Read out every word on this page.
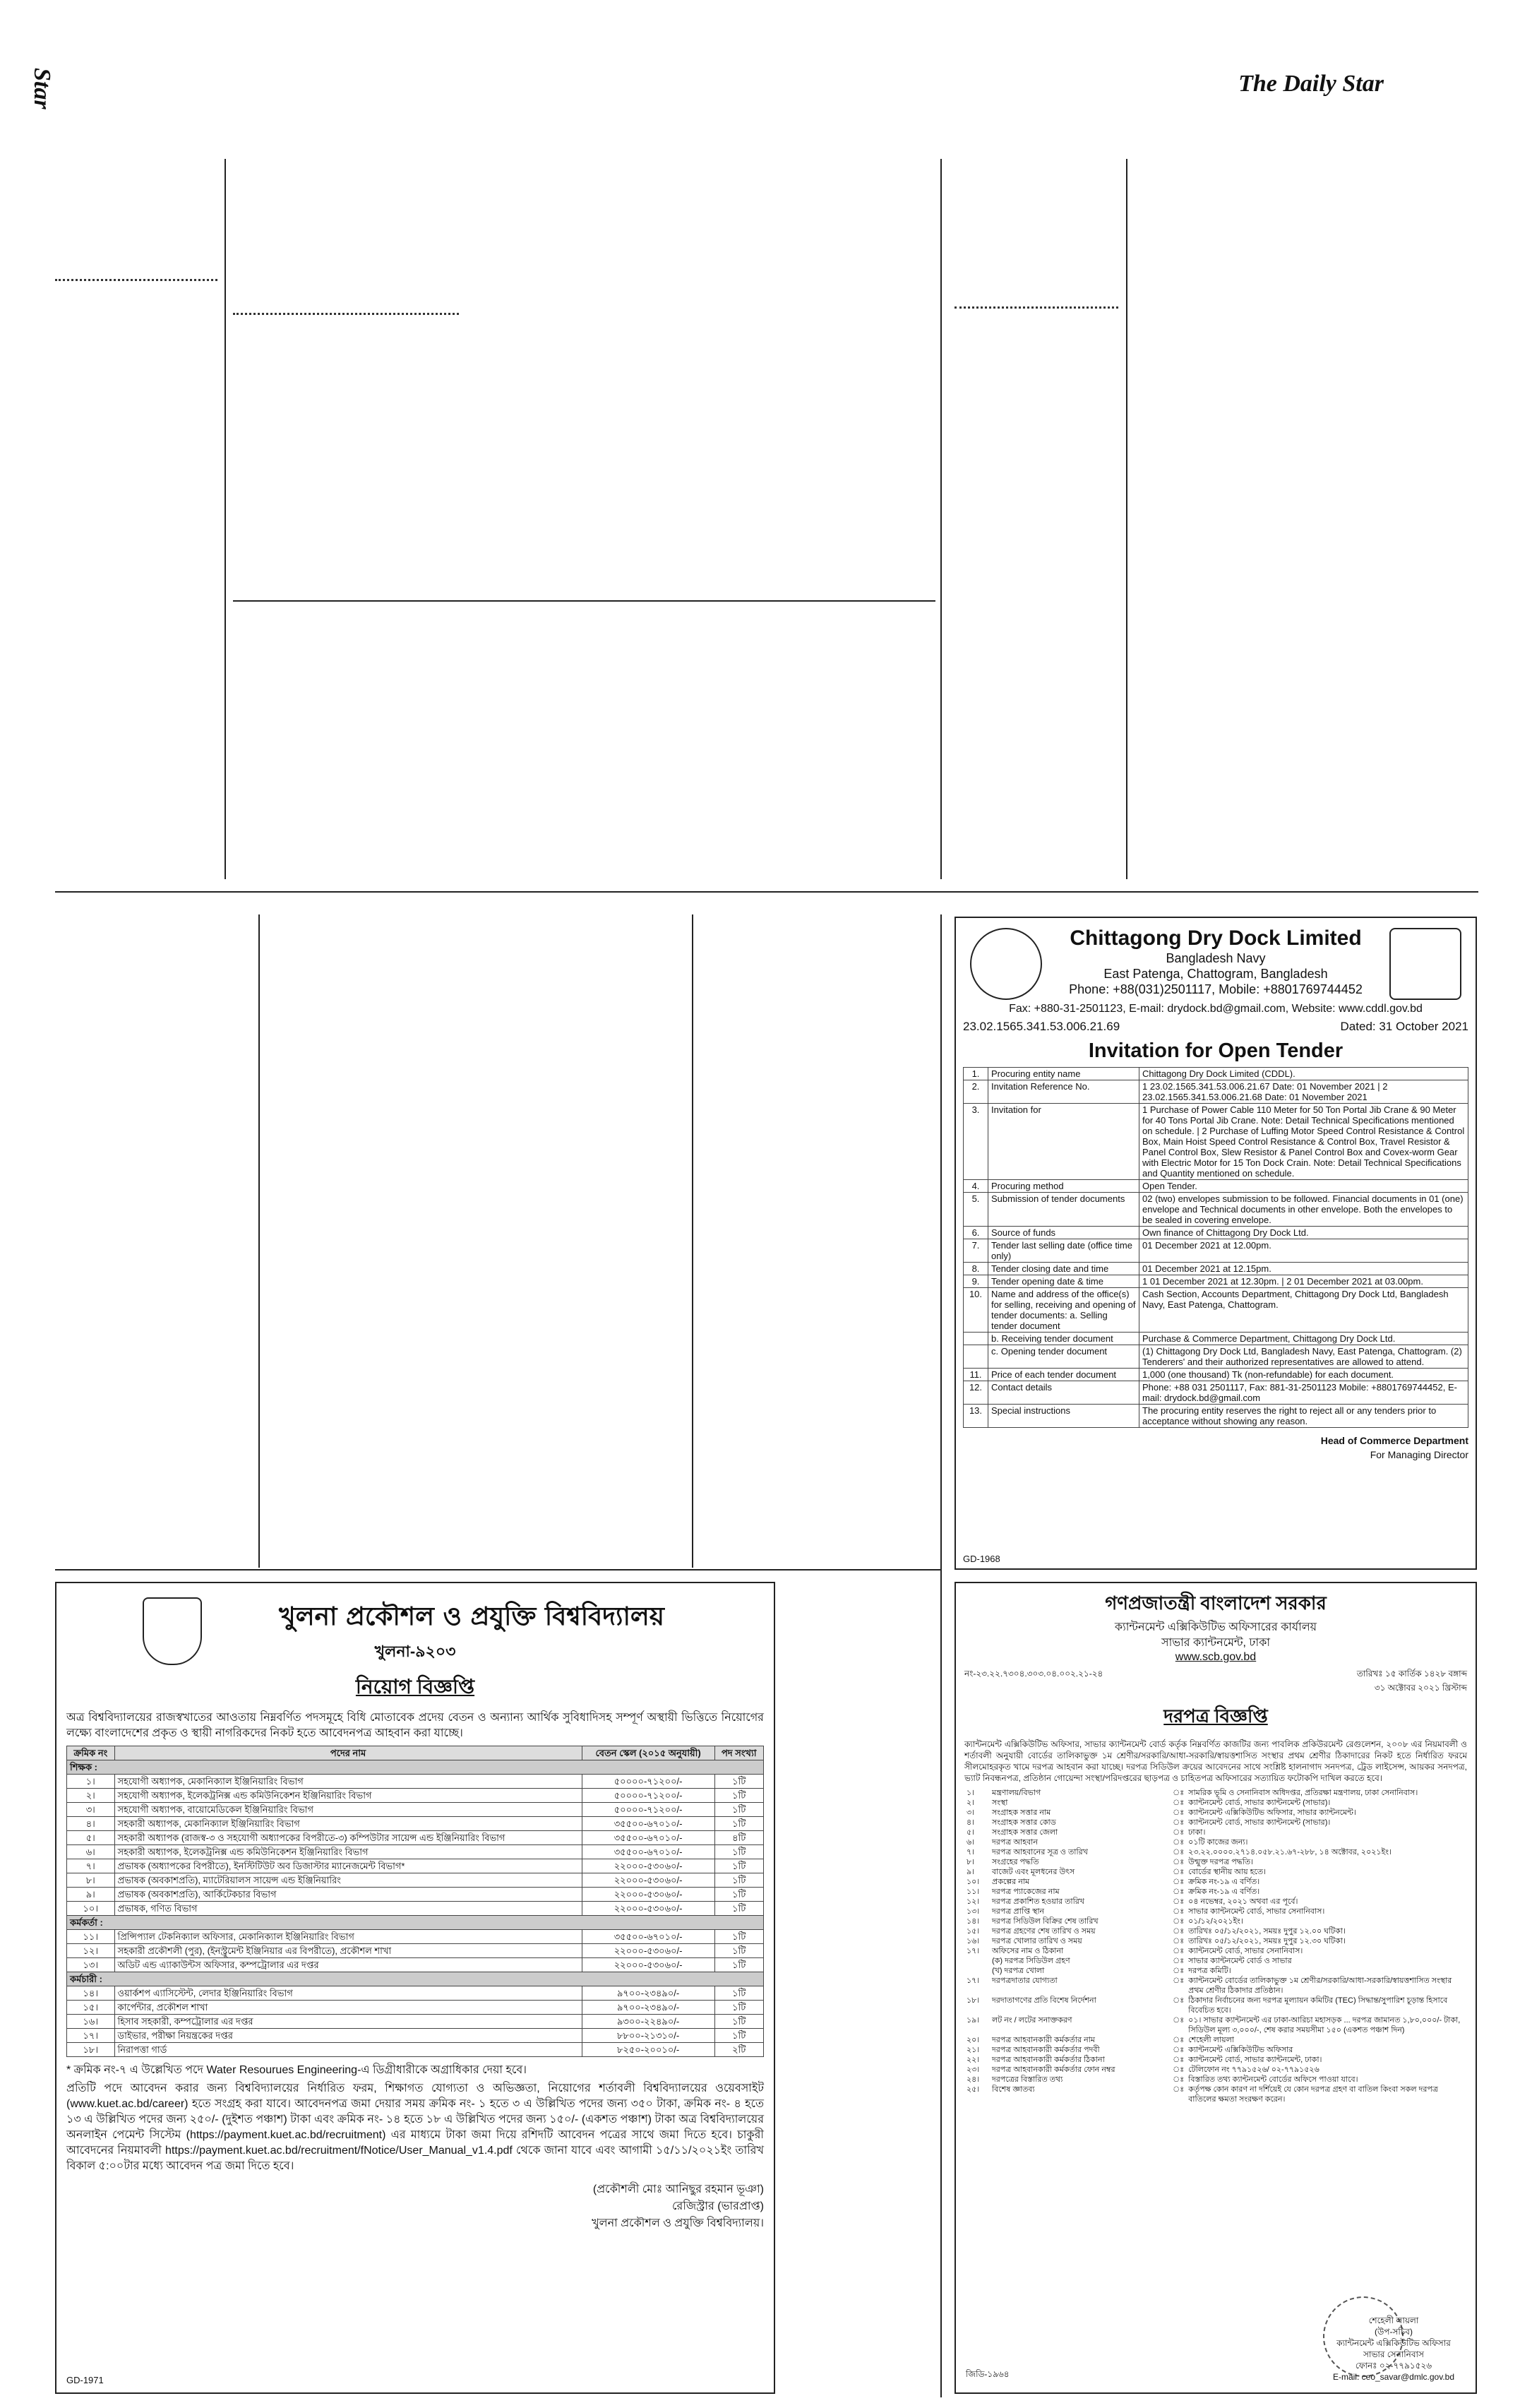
Star	The Daily Star
Chittagong Dry Dock Limited
Bangladesh Navy
East Patenga, Chattogram, Bangladesh
Phone: +88(031)2501117, Mobile: +8801769744452
Fax: +880-31-2501123, E-mail: drydock.bd@gmail.com, Website: www.cddl.gov.bd
23.02.1565.341.53.006.21.69	Dated: 31 October 2021
Invitation for Open Tender
1.	Procuring entity name	Chittagong Dry Dock Limited (CDDL).
2.	Invitation Reference No.	1 23.02.1565.341.53.006.21.67 Date: 01 November 2021 | 2 23.02.1565.341.53.006.21.68 Date: 01 November 2021
3.	Invitation for	1 Purchase of Power Cable 110 Meter for 50 Ton Portal Jib Crane & 90 Meter for 40 Tons Portal Jib Crane. Note: Detail Technical Specifications mentioned on schedule. | 2 Purchase of Luffing Motor Speed Control Resistance & Control Box, Main Hoist Speed Control Resistance & Control Box, Travel Resistor & Panel Control Box, Slew Resistor & Panel Control Box and Covex-worm Gear with Electric Motor for 15 Ton Dock Crain. Note: Detail Technical Specifications and Quantity mentioned on schedule.
4.	Procuring method	Open Tender.
5.	Submission of tender documents	02 (two) envelopes submission to be followed. Financial documents in 01 (one) envelope and Technical documents in other envelope. Both the envelopes to be sealed in covering envelope.
6.	Source of funds	Own finance of Chittagong Dry Dock Ltd.
7.	Tender last selling date (office time only)	01 December 2021 at 12.00pm.
8.	Tender closing date and time	01 December 2021 at 12.15pm.
9.	Tender opening date & time	1 01 December 2021 at 12.30pm. | 2 01 December 2021 at 03.00pm.
10.	Name and address of the office(s) for selling, receiving and opening of tender documents: a. Selling tender document	Cash Section, Accounts Department, Chittagong Dry Dock Ltd, Bangladesh Navy, East Patenga, Chattogram.
	b. Receiving tender document	Purchase & Commerce Department, Chittagong Dry Dock Ltd.
	c. Opening tender document	(1) Chittagong Dry Dock Ltd, Bangladesh Navy, East Patenga, Chattogram. (2) Tenderers' and their authorized representatives are allowed to attend.
11.	Price of each tender document	1,000 (one thousand) Tk (non-refundable) for each document.
12.	Contact details	Phone: +88 031 2501117, Fax: 881-31-2501123 Mobile: +8801769744452, E-mail: drydock.bd@gmail.com
13.	Special instructions	The procuring entity reserves the right to reject all or any tenders prior to acceptance without showing any reason.
Head of Commerce Department
For Managing Director
GD-1968
খুলনা প্রকৌশল ও প্রযুক্তি বিশ্ববিদ্যালয়
খুলনা-৯২০৩
নিয়োগ বিজ্ঞপ্তি

অত্র বিশ্ববিদ্যালয়ের রাজস্বখাতের আওতায় নিম্নবর্ণিত পদসমূহে বিধি মোতাবেক প্রদেয় বেতন ও অন্যান্য আর্থিক সুবিধাদিসহ সম্পূর্ণ অস্থায়ী ভিত্তিতে নিয়োগের লক্ষ্যে বাংলাদেশের প্রকৃত ও স্থায়ী নাগরিকদের নিকট হতে আবেদনপত্র আহবান করা যাচ্ছে।

ক্রমিক নং	পদের নাম	বেতন স্কেল (২০১৫ অনুযায়ী)	পদ সংখ্যা
শিক্ষক :			
১।	সহযোগী অধ্যাপক, মেকানিক্যাল ইঞ্জিনিয়ারিং বিভাগ	৫০০০০-৭১২০০/-	১টি
২।	সহযোগী অধ্যাপক, ইলেকট্রনিক্স এন্ড কমিউনিকেশন ইঞ্জিনিয়ারিং বিভাগ	৫০০০০-৭১২০০/-	১টি
৩।	সহযোগী অধ্যাপক, বায়োমেডিকেল ইঞ্জিনিয়ারিং বিভাগ	৫০০০০-৭১২০০/-	১টি
৪।	সহকারী অধ্যাপক, মেকানিক্যাল ইঞ্জিনিয়ারিং বিভাগ	৩৫৫০০-৬৭০১০/-	১টি
৫।	সহকারী অধ্যাপক (রাজস্ব-৩ ও সহযোগী অধ্যাপকের বিপরীতে-৩) কম্পিউটার সায়েন্স এন্ড ইঞ্জিনিয়ারিং বিভাগ	৩৫৫০০-৬৭০১০/-	৪টি
৬।	সহকারী অধ্যাপক, ইলেকট্রনিক্স এন্ড কমিউনিকেশন ইঞ্জিনিয়ারিং বিভাগ	৩৫৫০০-৬৭০১০/-	১টি
৭।	প্রভাষক (অধ্যাপকের বিপরীতে), ইনস্টিটিউট অব ডিজাস্টার ম্যানেজমেন্ট বিভাগ*	২২০০০-৫৩০৬০/-	১টি
৮।	প্রভাষক (অবকাশপ্রতি), ম্যাটেরিয়ালস সায়েন্স এন্ড ইঞ্জিনিয়ারিং	২২০০০-৫৩০৬০/-	১টি
৯।	প্রভাষক (অবকাশপ্রতি), আর্কিটেকচার বিভাগ	২২০০০-৫৩০৬০/-	১টি
১০।	প্রভাষক, গণিত বিভাগ	২২০০০-৫৩০৬০/-	১টি
কর্মকর্তা :			
১১।	প্রিন্সিপ্যাল টেকনিক্যাল অফিসার, মেকানিক্যাল ইঞ্জিনিয়ারিং বিভাগ	৩৫৫০০-৬৭০১০/-	১টি
১২।	সহকারী প্রকৌশলী (পুর), (ইনস্ট্রুমেন্ট ইঞ্জিনিয়ার এর বিপরীতে), প্রকৌশল শাখা	২২০০০-৫৩০৬০/-	১টি
১৩।	অডিট এন্ড এ্যাকাউন্টস অফিসার, কম্পট্রোলার এর দপ্তর	২২০০০-৫৩০৬০/-	১টি
কর্মচারী :			
১৪।	ওয়ার্কশপ এ্যাসিস্টেন্ট, লেদার ইঞ্জিনিয়ারিং বিভাগ	৯৭০০-২৩৪৯০/-	১টি
১৫।	কার্পেন্টার, প্রকৌশল শাখা	৯৭০০-২৩৪৯০/-	১টি
১৬।	হিসাব সহকারী, কম্পট্রোলার এর দপ্তর	৯৩০০-২২৪৯০/-	১টি
১৭।	ডাইভার, পরীক্ষা নিয়ন্ত্রকের দপ্তর	৮৮০০-২১৩১০/-	১টি
১৮।	নিরাপত্তা গার্ড	৮২৫০-২০০১০/-	২টি

* ক্রমিক নং-৭ এ উল্লেখিত পদে Water Resourues Engineering-এ ডিগ্রীধারীকে অগ্রাধিকার দেয়া হবে।

প্রতিটি পদে আবেদন করার জন্য বিশ্ববিদ্যালয়ের নির্ধারিত ফরম, শিক্ষাগত যোগ্যতা ও অভিজ্ঞতা, নিয়োগের শর্তাবলী বিশ্ববিদ্যালয়ের ওয়েবসাইট (www.kuet.ac.bd/career) হতে সংগ্রহ করা যাবে। আবেদনপত্র জমা দেয়ার সময় ক্রমিক নং- ১ হতে ৩ এ উল্লিখিত পদের জন্য ৩৫০ টাকা, ক্রমিক নং- ৪ হতে ১৩ এ উল্লিখিত পদের জন্য ২৫০/- (দুইশত পঞ্চাশ) টাকা এবং ক্রমিক নং- ১৪ হতে ১৮ এ উল্লিখিত পদের জন্য ১৫০/- (একশত পঞ্চাশ) টাকা অত্র বিশ্ববিদ্যালয়ের অনলাইন পেমেন্ট সিস্টেম (https://payment.kuet.ac.bd/recruitment) এর মাধ্যমে টাকা জমা দিয়ে রশিদটি আবেদন পত্রের সাথে জমা দিতে হবে। চাকুরী আবেদনের নিয়মাবলী https://payment.kuet.ac.bd/recruitment/fNotice/User_Manual_v1.4.pdf থেকে জানা যাবে এবং আগামী ১৫/১১/২০২১ইং তারিখ বিকাল ৫:০০টার মধ্যে আবেদন পত্র জমা দিতে হবে।

(প্রকৌশলী মোঃ আনিছুর রহমান ভূঞা)
রেজিস্ট্রার (ভারপ্রাপ্ত)
খুলনা প্রকৌশল ও প্রযুক্তি বিশ্ববিদ্যালয়।
GD-1971
গণপ্রজাতন্ত্রী বাংলাদেশ সরকার
ক্যান্টনমেন্ট এক্সিকিউটিভ অফিসারের কার্যালয়
সাভার ক্যান্টনমেন্ট, ঢাকা
www.scb.gov.bd
নং-২৩.২২.৭৩০৪.৩০৩.০৪.০০২.২১-২৪	তারিখঃ ১৫ কার্তিক ১৪২৮ বঙ্গাব্দ
৩১ অক্টোবর ২০২১ খ্রিস্টাব্দ
দরপত্র বিজ্ঞপ্তি

ক্যান্টনমেন্ট এক্সিকিউটিভ অফিসার, সাভার ক্যান্টনমেন্ট বোর্ড কর্তৃক নিম্নবর্ণিত কাজটির জন্য পাবলিক প্রকিউরমেন্ট রেগুলেশন, ২০০৮ এর নিয়মাবলী ও শর্তাবলী অনুযায়ী বোর্ডের তালিকাভুক্ত ১ম শ্রেণীর/সরকারি/আধা-সরকারি/স্বায়ত্তশাসিত সংস্থার প্রথম শ্রেণীর ঠিকাদারের নিকট হতে নির্ধারিত ফরমে সীলমোহরকৃত খামে দরপত্র আহবান করা যাচ্ছে। দরপত্র সিডিউল ক্রয়ের আবেদনের সাথে সংশ্লিষ্ট হালনাগাদ সনদপত্র, ট্রেড লাইসেন্স, আয়কর সনদপত্র, ভ্যাট নিবন্ধনপত্র, প্রতিষ্ঠান গোয়েন্দা সংস্থা/পরিদপ্তরের ছাড়পত্র ও চাহিতপত্র অফিসারের সত্যায়িত ফটোকপি দাখিল করতে হবে।

১।	মন্ত্রণালয়/বিভাগ	ঃ	সামরিক ভূমি ও সেনানিবাস অধিদপ্তর, প্রতিরক্ষা মন্ত্রণালয়, ঢাকা সেনানিবাস।
২।	সংস্থা	ঃ	ক্যান্টনমেন্ট বোর্ড, সাভার ক্যান্টনমেন্ট (সাভার)।
৩।	সংগ্রাহক সত্তার নাম	ঃ	ক্যান্টনমেন্ট এক্সিকিউটিভ অফিসার, সাভার ক্যান্টনমেন্ট।
৪।	সংগ্রাহক সত্তার কোড	ঃ	ক্যান্টনমেন্ট বোর্ড, সাভার ক্যান্টনমেন্ট (সাভার)।
৫।	সংগ্রাহক সত্তার জেলা	ঃ	ঢাকা।
৬।	দরপত্র আহবান	ঃ	০১টি কাজের জন্য।
৭।	দরপত্র আহবানের সূত্র ও তারিখ	ঃ	২৩.২২.০০০০.২৭১৪.০৫৮.২১.৬৭-২৮৮, ১৪ অক্টোবর, ২০২১ইং।
৮।	সংগ্রহের পদ্ধতি	ঃ	উন্মুক্ত দরপত্র পদ্ধতি।
৯।	বাজেট এবং মূলধনের উৎস	ঃ	বোর্ডের স্থানীয় আয় হতে।
১০।	প্রকল্পের নাম	ঃ	ক্রমিক নং-১৯ এ বর্ণিত।
১১।	দরপত্র প্যাকেজের নাম	ঃ	ক্রমিক নং-১৯ এ বর্ণিত।
১২।	দরপত্র প্রকাশিত হওয়ার তারিখ	ঃ	০৪ নভেম্বর, ২০২১ অথবা এর পূর্বে।
১৩।	দরপত্র প্রাপ্তি স্থান	ঃ	সাভার ক্যান্টনমেন্ট বোর্ড, সাভার সেনানিবাস।
১৪।	দরপত্র সিডিউল বিক্রির শেষ তারিখ	ঃ	০১/১২/২০২১ইং।
১৫।	দরপত্র গ্রহণের শেষ তারিখ ও সময়	ঃ	তারিখঃ ০৫/১২/২০২১, সময়ঃ দুপুর ১২.০০ ঘটিকা।
১৬।	দরপত্র খোলার তারিখ ও সময়	ঃ	তারিখঃ ০৫/১২/২০২১, সময়ঃ দুপুর ১২.৩০ ঘটিকা।
১৭।	অফিসের নাম ও ঠিকানা	ঃ	ক্যান্টনমেন্ট বোর্ড, সাভার সেনানিবাস।
	(ক) দরপত্র সিডিউল গ্রহণ	ঃ	সাভার ক্যান্টনমেন্ট বোর্ড ও সাভার
	(খ) দরপত্র খোলা	ঃ	দরপত্র কমিটি।
১৭।	দরপত্রদাতার যোগ্যতা	ঃ	ক্যান্টনমেন্ট বোর্ডের তালিকাভুক্ত ১ম শ্রেণীর/সরকারি/আধা-সরকারি/স্বায়ত্তশাসিত সংস্থার প্রথম শ্রেণীর ঠিকাদার প্রতিষ্ঠান।
১৮।	দরদাতাগণের প্রতি বিশেষ নির্দেশনা	ঃ	ঠিকাদার নির্বাচনের জন্য দরপত্র মূল্যায়ন কমিটির (TEC) সিদ্ধান্ত/সুপারিশ চূড়ান্ত হিসাবে বিবেচিত হবে।
১৯।	লট নং / লটের সনাক্তকরণ	ঃ	০১। সাভার ক্যান্টনমেন্ট এর ঢাকা-আরিচা মহাসড়ক ... দরপত্র জামানত ১,৮০,০০০/- টাকা, সিডিউল মূল্য ৩,০০০/-, শেষ করার সময়সীমা ১৫০ (একশত পঞ্চাশ দিন)
২০।	দরপত্র আহবানকারী কর্মকর্তার নাম	ঃ	শেহেলী লায়লা
২১।	দরপত্র আহবানকারী কর্মকর্তার পদবী	ঃ	ক্যান্টনমেন্ট এক্সিকিউটিভ অফিসার
২২।	দরপত্র আহবানকারী কর্মকর্তার ঠিকানা	ঃ	ক্যান্টনমেন্ট বোর্ড, সাভার ক্যান্টনমেন্ট, ঢাকা।
২৩।	দরপত্র আহবানকারী কর্মকর্তার ফোন নম্বর	ঃ	টেলিফোন নং ৭৭৯১৫২৬/ ০২-৭৭৯১৫২৬
২৪।	দরপত্রের বিস্তারিত তথ্য	ঃ	বিস্তারিত তথ্য ক্যান্টনমেন্ট বোর্ডের অফিসে পাওয়া যাবে।
২৫।	বিশেষ জ্ঞাতব্য	ঃ	কর্তৃপক্ষ কোন কারণ না দর্শিয়েই যে কোন দরপত্র গ্রহণ বা বাতিল কিংবা সকল দরপত্র বাতিলের ক্ষমতা সংরক্ষণ করেন।
শেহেলী লায়লা
(উপ-সচিব)
ক্যান্টনমেন্ট এক্সিকিউটিভ অফিসার
সাভার সেনানিবাস
ফোনঃ ০২-৭৭৯১৫২৬
E-mail: ceo_savar@dmlc.gov.bd
জিডি-১৯৬৪
